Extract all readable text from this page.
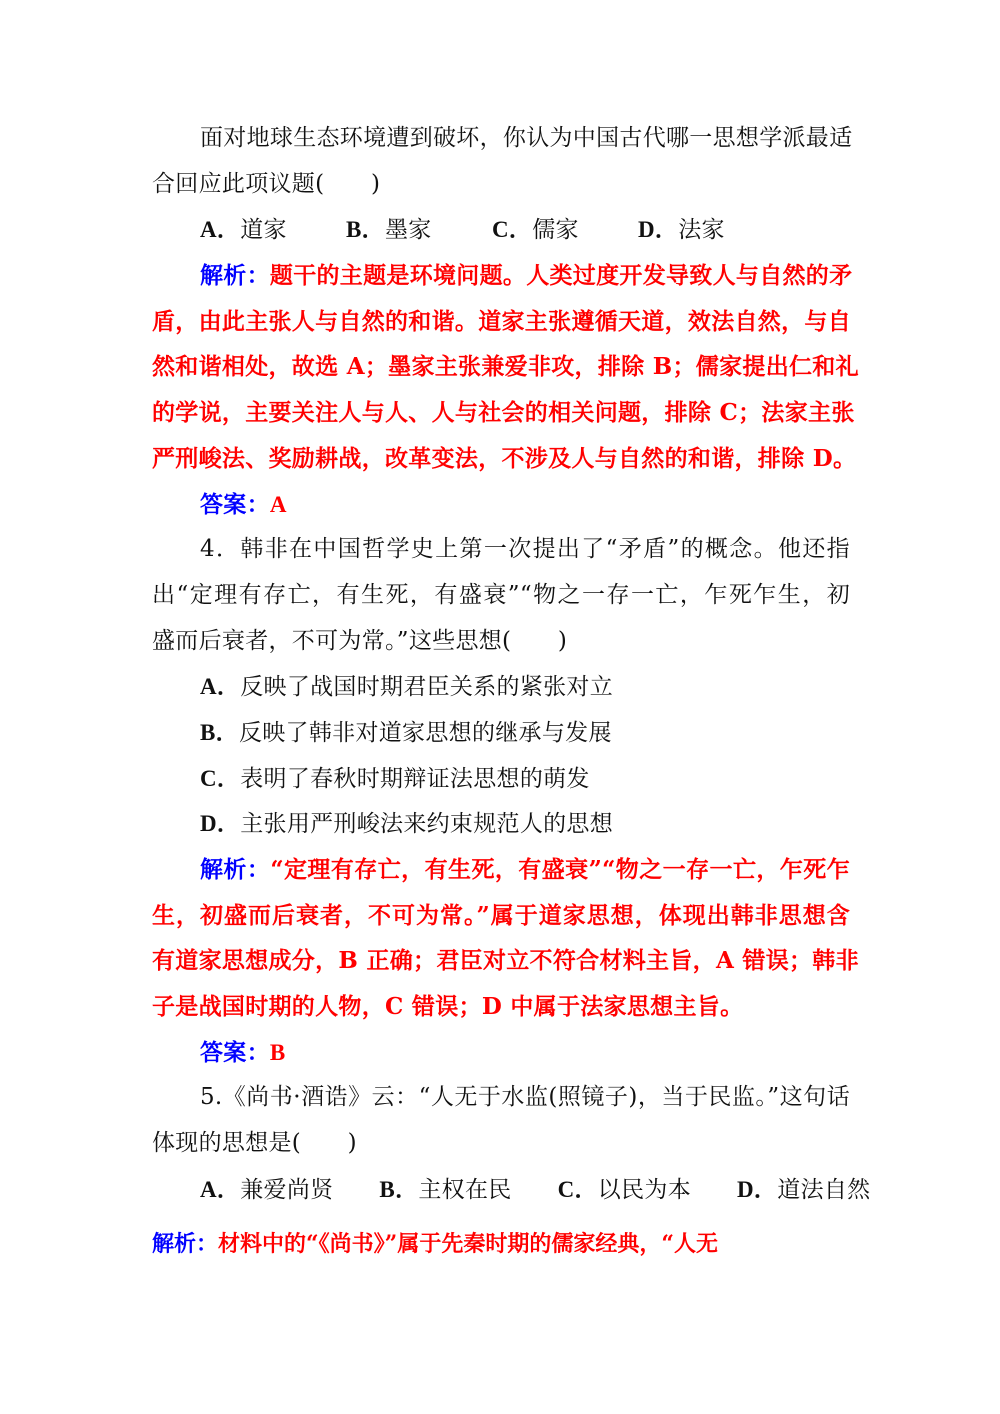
面对地球生态环境遭到破坏，你认为中国古代哪一思想学派最适
合回应此项议题(　　)
A．道家	B．墨家	C．儒家	D．法家
解析：题干的主题是环境问题。人类过度开发导致人与自然的矛
盾，由此主张人与自然的和谐。道家主张遵循天道，效法自然，与自
然和谐相处，故选 A；墨家主张兼爱非攻，排除 B；儒家提出仁和礼
的学说，主要关注人与人、人与社会的相关问题，排除 C；法家主张
严刑峻法、奖励耕战，改革变法，不涉及人与自然的和谐，排除 D。
答案：A
4．韩非在中国哲学史上第一次提出了“矛盾”的概念。他还指
出“定理有存亡，有生死，有盛衰”“物之一存一亡，乍死乍生，初
盛而后衰者，不可为常。”这些思想(　　)
A．反映了战国时期君臣关系的紧张对立
B．反映了韩非对道家思想的继承与发展
C．表明了春秋时期辩证法思想的萌发
D．主张用严刑峻法来约束规范人的思想
解析：“定理有存亡，有生死，有盛衰”“物之一存一亡，乍死乍
生，初盛而后衰者，不可为常。”属于道家思想，体现出韩非思想含
有道家思想成分，B 正确；君臣对立不符合材料主旨，A 错误；韩非
子是战国时期的人物，C 错误；D 中属于法家思想主旨。
答案：B
5.《尚书·酒诰》云：“人无于水监(照镜子)，当于民监。”这句话
体现的思想是(　　)
A．兼爱尚贤 B．主权在民 C．以民为本 D．道法自然
解析：材料中的“《尚书》”属于先秦时期的儒家经典，“人无
